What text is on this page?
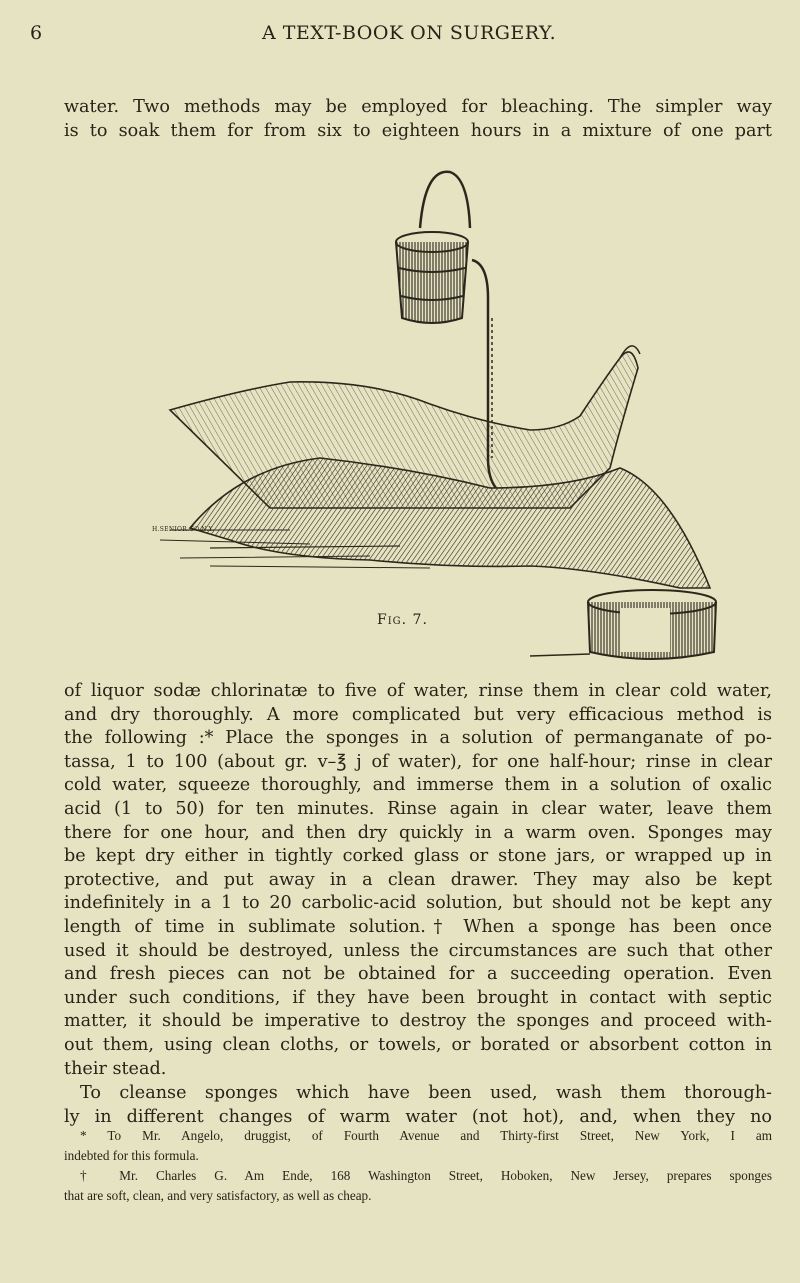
6	A TEXT-BOOK ON SURGERY.
water. Two methods may be employed for bleaching. The simpler way
is to soak them for from six to eighteen hours in a mixture of one part
H.SENIOR.CO.N.Y.
Fig. 7.
of liquor sodæ chlorinatæ to five of water, rinse them in clear cold water,
and dry thoroughly. A more complicated but very efficacious method is
the following :* Place the sponges in a solution of permanganate of po-
tassa, 1 to 100 (about gr. v–℥ j of water), for one half-hour; rinse in clear
cold water, squeeze thoroughly, and immerse them in a solution of oxalic
acid (1 to 50) for ten minutes. Rinse again in clear water, leave them
there for one hour, and then dry quickly in a warm oven. Sponges may
be kept dry either in tightly corked glass or stone jars, or wrapped up in
protective, and put away in a clean drawer. They may also be kept
indefinitely in a 1 to 20 carbolic-acid solution, but should not be kept any
length of time in sublimate solution.† When a sponge has been once
used it should be destroyed, unless the circumstances are such that other
and fresh pieces can not be obtained for a succeeding operation. Even
under such conditions, if they have been brought in contact with septic
matter, it should be imperative to destroy the sponges and proceed with-
out them, using clean cloths, or towels, or borated or absorbent cotton in
their stead.
To cleanse sponges which have been used, wash them thorough-
ly in different changes of warm water (not hot), and, when they no

* To Mr. Angelo, druggist, of Fourth Avenue and Thirty-first Street, New York, I am

indebted for this formula.

† Mr. Charles G. Am Ende, 168 Washington Street, Hoboken, New Jersey, prepares sponges

that are soft, clean, and very satisfactory, as well as cheap.
